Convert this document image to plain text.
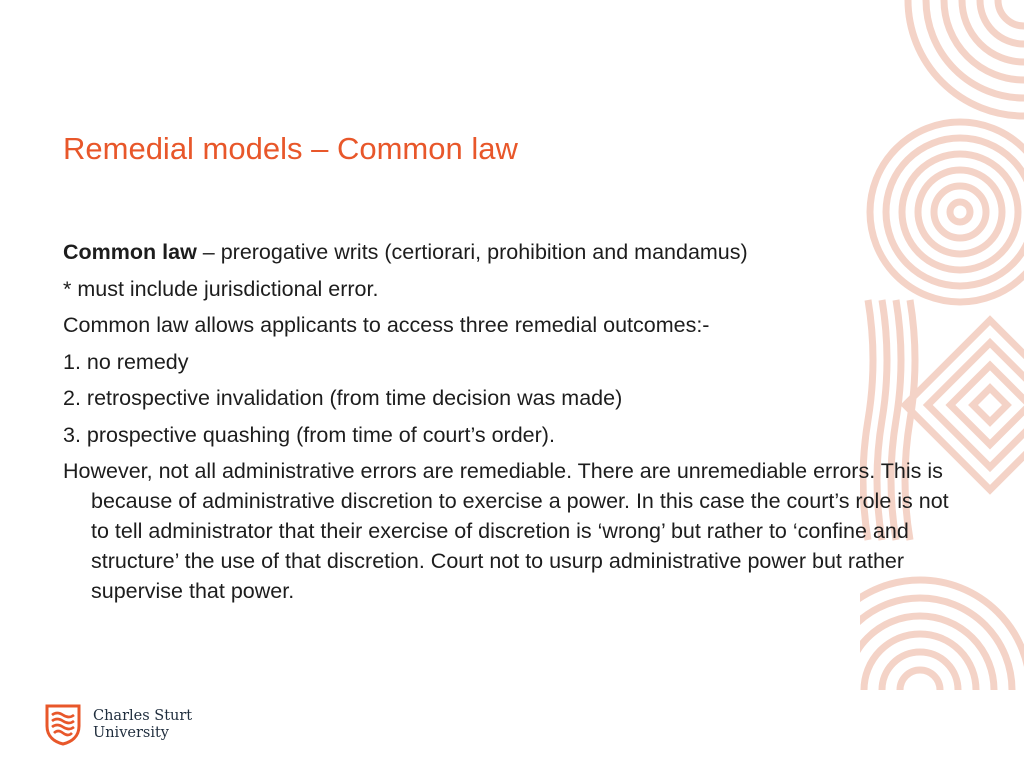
Remedial models – Common law

Common law – prerogative writs (certiorari, prohibition and mandamus)

* must include jurisdictional error.

Common law allows applicants to access three remedial outcomes:-

1. no remedy

2. retrospective invalidation (from time decision was made)

3. prospective quashing (from time of court’s order).

However, not all administrative errors are remediable. There are unremediable errors. This is because of administrative discretion to exercise a power. In this case the court’s role is not to tell administrator that their exercise of discretion is ‘wrong’ but rather to ‘confine and structure’ the use of that discretion. Court not to usurp administrative power but rather supervise that power.

Charles Sturt
University
